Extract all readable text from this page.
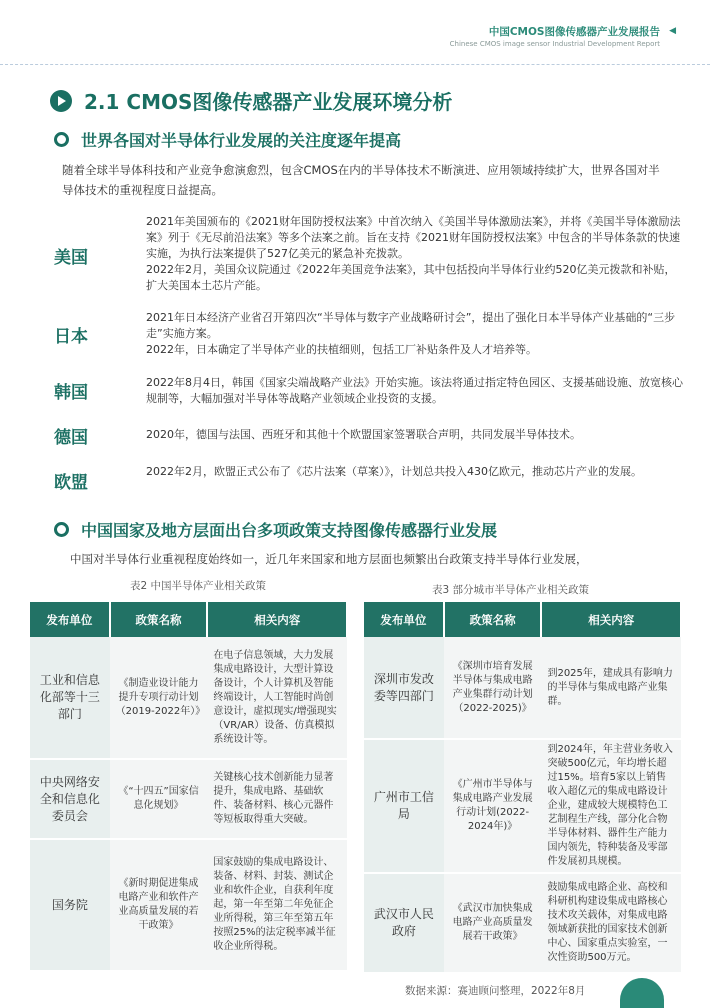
中国CMOS图像传感器产业发展报告
Chinese CMOS image sensor Industrial Development Report
◀
2.1 CMOS图像传感器产业发展环境分析
世界各国对半导体行业发展的关注度逐年提高
随着全球半导体科技和产业竞争愈演愈烈，包含CMOS在内的半导体技术不断演进、应用领域持续扩大，世界各国对半导体技术的重视程度日益提高。
美国

2021年美国颁布的《2021财年国防授权法案》中首次纳入《美国半导体激励法案》，并将《美国半导体激励法案》列于《无尽前沿法案》等多个法案之前。旨在支持《2021财年国防授权法案》中包含的半导体条款的快速实施，为执行法案提供了527亿美元的紧急补充拨款。

2022年2月，美国众议院通过《2022年美国竞争法案》，其中包括投向半导体行业约520亿美元拨款和补贴，扩大美国本土芯片产能。

日本

2021年日本经济产业省召开第四次“半导体与数字产业战略研讨会”，提出了强化日本半导体产业基础的“三步走”实施方案。

2022年，日本确定了半导体产业的扶植细则，包括工厂补贴条件及人才培养等。

韩国

2022年8月4日，韩国《国家尖端战略产业法》开始实施。该法将通过指定特色园区、支援基础设施、放宽核心规制等，大幅加强对半导体等战略产业领域企业投资的支援。

德国	2020年，德国与法国、西班牙和其他十个欧盟国家签署联合声明，共同发展半导体技术。

欧盟

2022年2月，欧盟正式公布了《芯片法案（草案）》，计划总共投入430亿欧元，推动芯片产业的发展。

中国国家及地方层面出台多项政策支持图像传感器行业发展
中国对半导体行业重视程度始终如一，近几年来国家和地方层面也频繁出台政策支持半导体行业发展，
表2 中国半导体产业相关政策	表3 部分城市半导体产业相关政策
发布单位	政策名称	相关内容
工业和信息化部等十三部门	《制造业设计能力提升专项行动计划（2019-2022年）》	在电子信息领域，大力发展集成电路设计，大型计算设备设计，个人计算机及智能终端设计，人工智能时尚创意设计，虚拟现实/增强现实（VR/AR）设备、仿真模拟系统设计等。
中央网络安全和信息化委员会	《“十四五”国家信息化规划》	关键核心技术创新能力显著提升，集成电路、基础软件、装备材料、核心元器件等短板取得重大突破。
国务院	《新时期促进集成电路产业和软件产业高质量发展的若干政策》	国家鼓励的集成电路设计、装备、材料、封装、测试企业和软件企业，自获利年度起，第一年至第二年免征企业所得税，第三年至第五年按照25%的法定税率减半征收企业所得税。
发布单位	政策名称	相关内容
深圳市发改委等四部门	《深圳市培育发展半导体与集成电路产业集群行动计划（2022-2025)》	到2025年，建成具有影响力的半导体与集成电路产业集群。
广州市工信局	《广州市半导体与集成电路产业发展行动计划(2022-2024年)》	到2024年，年主营业务收入突破500亿元，年均增长超过15%。培育5家以上销售收入超亿元的集成电路设计企业，建成较大规模特色工艺制程生产线，部分化合物半导体材料、器件生产能力国内领先，特种装备及零部件发展初具规模。
武汉市人民政府	《武汉市加快集成电路产业高质量发展若干政策》	鼓励集成电路企业、高校和科研机构建设集成电路核心技术攻关载体，对集成电路领域新获批的国家技术创新中心、国家重点实验室，一次性资助500万元。
数据来源：赛迪顾问整理，2022年8月
